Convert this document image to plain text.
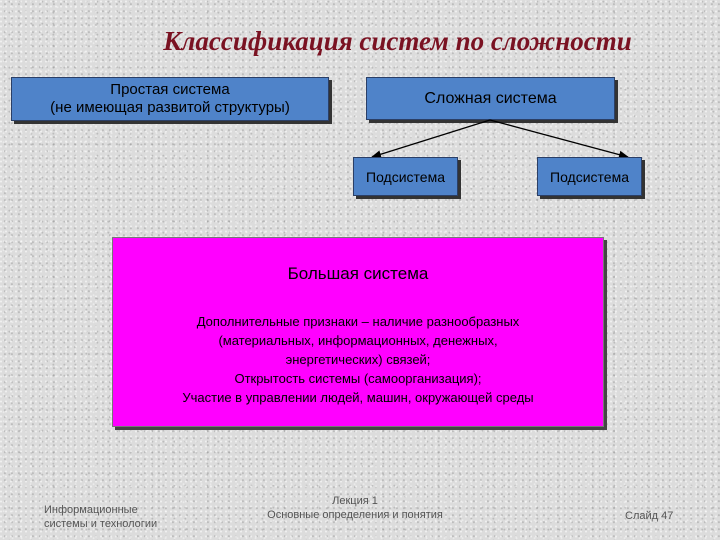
Классификация систем по сложности
Простая система
(не имеющая развитой структуры)
Сложная система
Подсистема	Подсистема
Большая система
Дополнительные признаки – наличие разнообразных
(материальных, информационных, денежных,
энергетических) связей;
Открытость системы (самоорганизация);
Участие в управлении людей, машин, окружающей среды
Информационные
системы и технологии
Лекция 1
Основные определения и понятия	Слайд 47
